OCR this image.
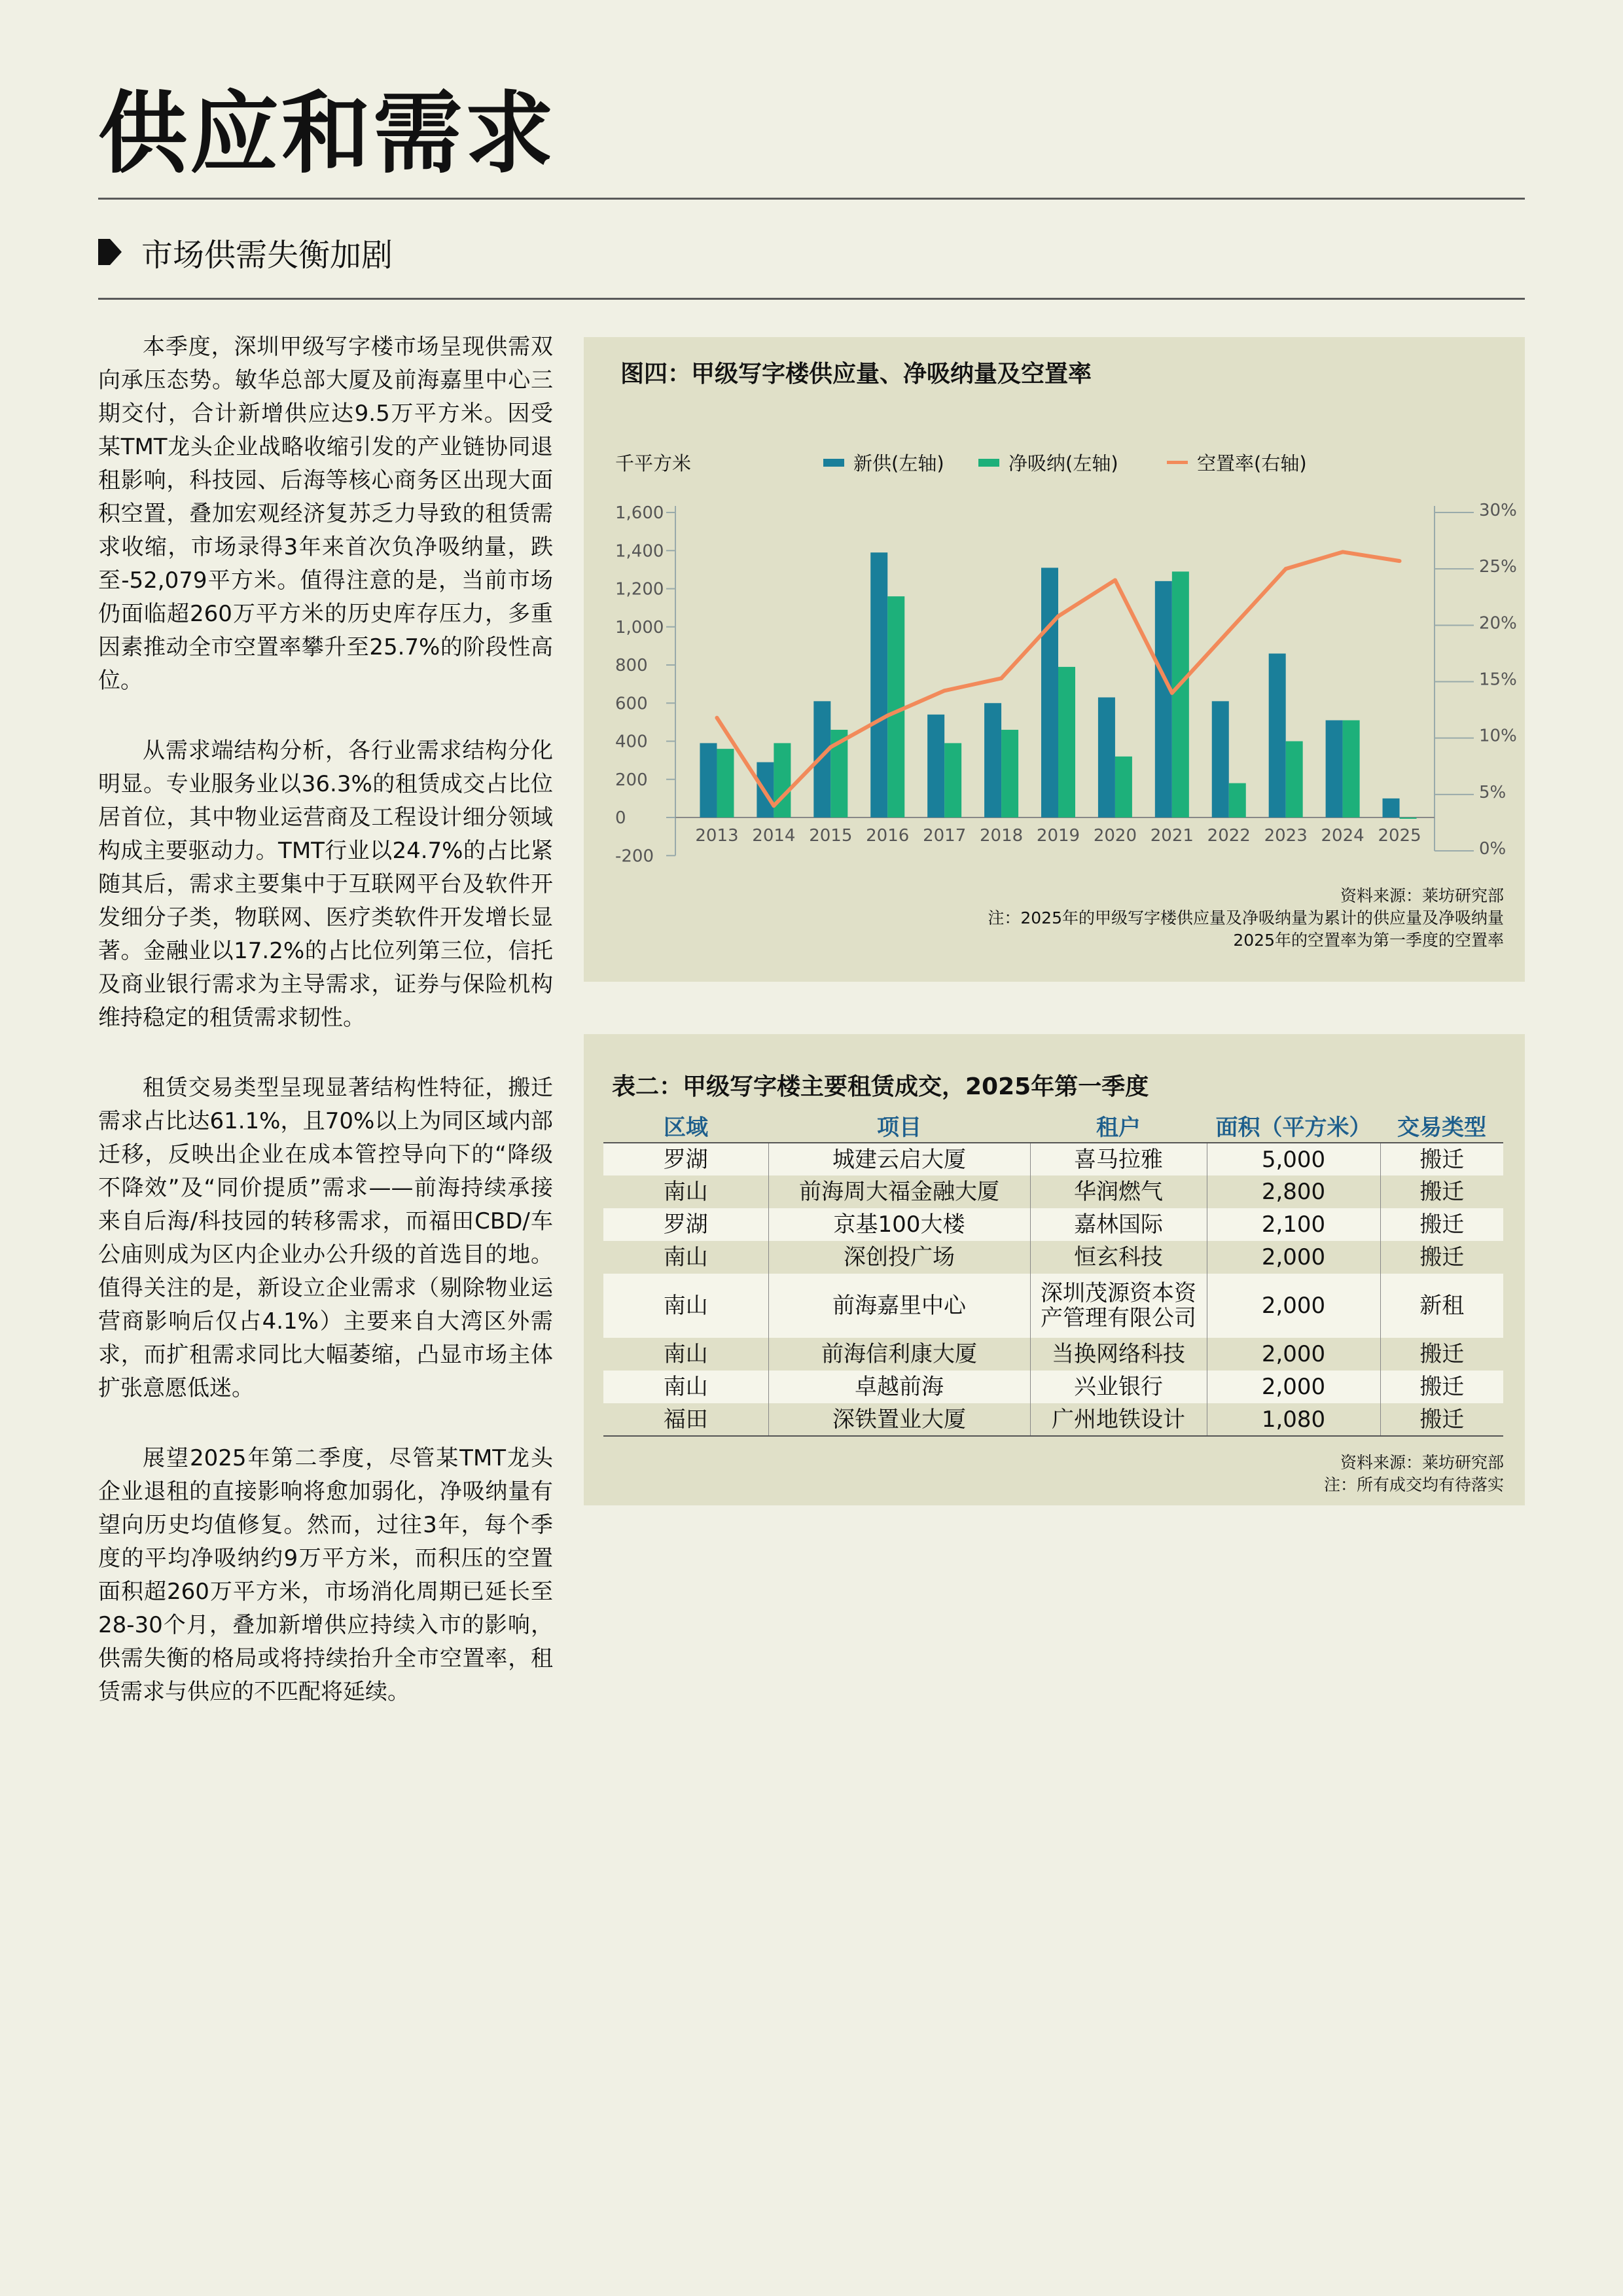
供应和需求
市场供需失衡加剧

本季度，深圳甲级写字楼市场呈现供需双向承压态势。敏华总部大厦及前海嘉里中心三期交付，合计新增供应达9.5万平方米。因受某TMT龙头企业战略收缩引发的产业链协同退租影响，科技园、后海等核心商务区出现大面积空置，叠加宏观经济复苏乏力导致的租赁需求收缩，市场录得3年来首次负净吸纳量，跌至-52,079平方米。值得注意的是，当前市场仍面临超260万平方米的历史库存压力，多重因素推动全市空置率攀升至25.7%的阶段性高位。

从需求端结构分析，各行业需求结构分化明显。专业服务业以36.3%的租赁成交占比位居首位，其中物业运营商及工程设计细分领域构成主要驱动力。TMT行业以24.7%的占比紧随其后，需求主要集中于互联网平台及软件开发细分子类，物联网、医疗类软件开发增长显著。金融业以17.2%的占比位列第三位，信托及商业银行需求为主导需求，证券与保险机构维持稳定的租赁需求韧性。

租赁交易类型呈现显著结构性特征，搬迁需求占比达61.1%，且70%以上为同区域内部迁移，反映出企业在成本管控导向下的“降级不降效”及“同价提质”需求——前海持续承接来自后海/科技园的转移需求，而福田CBD/车公庙则成为区内企业办公升级的首选目的地。值得关注的是，新设立企业需求（剔除物业运营商影响后仅占4.1%）主要来自大湾区外需求，而扩租需求同比大幅萎缩，凸显市场主体扩张意愿低迷。

展望2025年第二季度，尽管某TMT龙头企业退租的直接影响将愈加弱化，净吸纳量有望向历史均值修复。然而，过往3年，每个季度的平均净吸纳约9万平方米，而积压的空置面积超260万平方米，市场消化周期已延长至28-30个月，叠加新增供应持续入市的影响，供需失衡的格局或将持续抬升全市空置率，租赁需求与供应的不匹配将延续。

图四：甲级写字楼供应量、净吸纳量及空置率
千平方米	新供(左轴)	净吸纳(左轴)	空置率(右轴)
-200
0
200
400
600
800
1,000
1,200
1,400
1,600
0%
5%
10%
15%
20%
25%
30%
2013 2014 2015 2016 2017 2018 2019 2020 2021 2022 2023 2024 2025
资料来源：莱坊研究部
注：2025年的甲级写字楼供应量及净吸纳量为累计的供应量及净吸纳量
2025年的空置率为第一季度的空置率
表二：甲级写字楼主要租赁成交，2025年第一季度
区域	项目	租户	面积（平方米）	交易类型
罗湖	城建云启大厦	喜马拉雅	5,000	搬迁
南山	前海周大福金融大厦	华润燃气	2,800	搬迁
罗湖	京基100大楼	嘉林国际	2,100	搬迁
南山	深创投广场	恒玄科技	2,000	搬迁
南山	前海嘉里中心	深圳茂源资本资产管理有限公司	2,000	新租
南山	前海信利康大厦	当换网络科技	2,000	搬迁
南山	卓越前海	兴业银行	2,000	搬迁
福田	深铁置业大厦	广州地铁设计	1,080	搬迁
资料来源：莱坊研究部
注：所有成交均有待落实
